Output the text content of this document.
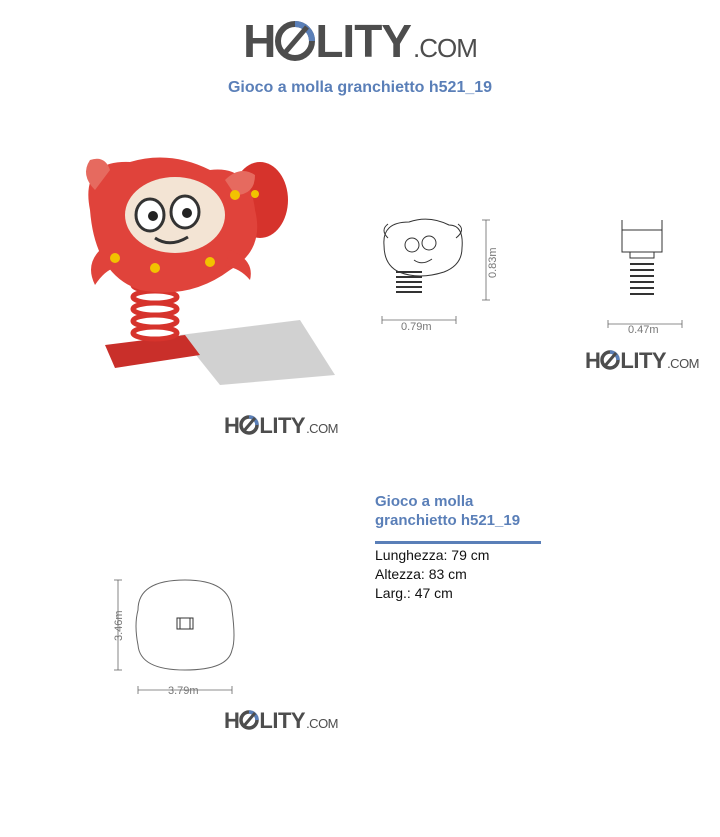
H LITY .COM
Gioco a molla granchietto h521_19
H LITY .COM
0.79m
0.83m
0.47m
H LITY .COM
3.79m
3.46m
H LITY .COM
Gioco a molla granchietto h521_19
Lunghezza: 79 cm
Altezza: 83 cm
Larg.: 47 cm
